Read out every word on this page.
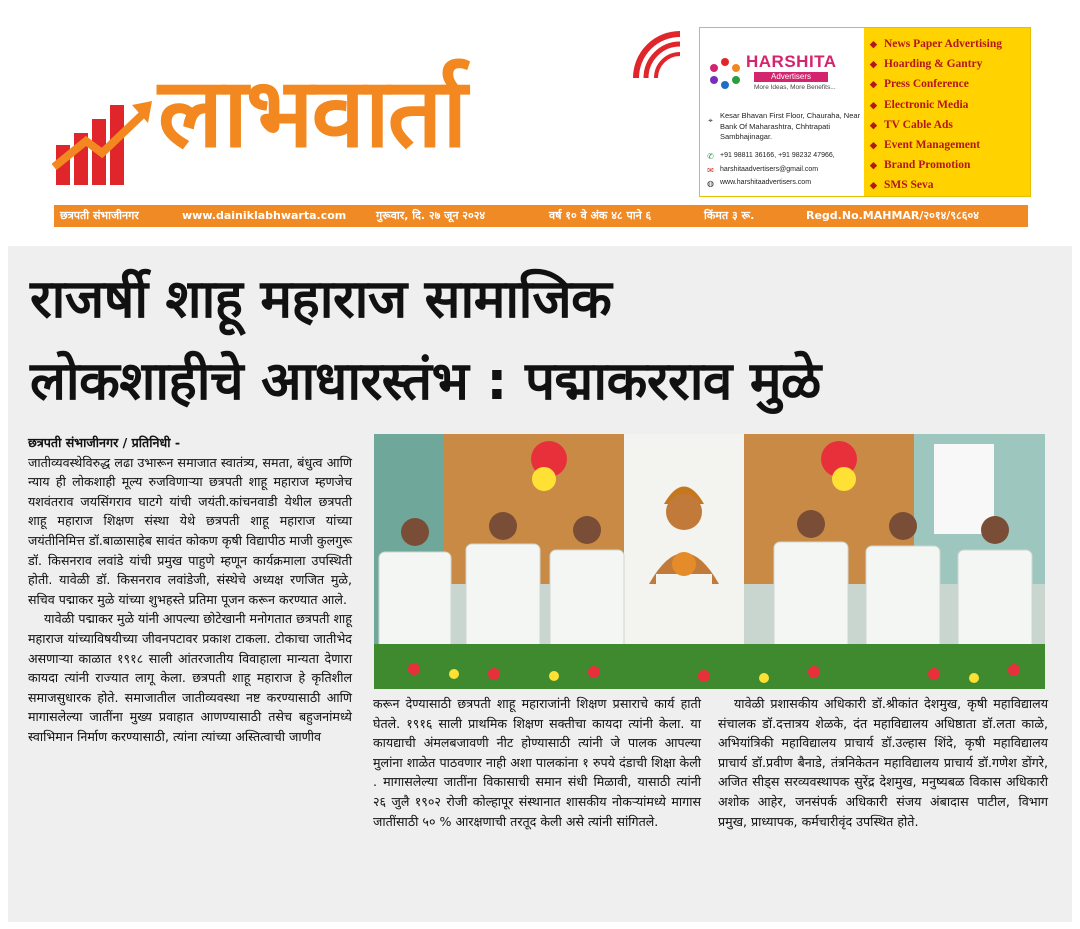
लाभवार्ता	HARSHITA
Advertisers
More Ideas, More Benefits...
⌖
Kesar Bhavan First Floor, Chauraha, Near Bank Of Maharashtra, Chhtrapati Sambhajinagar.
✆ +91 98811 36166, +91 98232 47966,
✉ harshitaadvertisers@gmail.com
◍ www.harshitaadvertisers.com
◆ News Paper Advertising
◆ Hoarding & Gantry
◆ Press Conference
◆ Electronic Media
◆ TV Cable Ads
◆ Event Management
◆ Brand Promotion
◆ SMS Seva
छत्रपती संभाजीनगर	www.dainiklabhwarta.com	गुरूवार, दि. २७ जून २०२४	वर्ष १० वे अंक ४८ पाने ६	किंमत ३ रू.	Regd.No.MAHMAR/२०१४/९८६०४
राजर्षी शाहू महाराज सामाजिक
लोकशाहीचे आधारस्तंभ : पद्माकरराव मुळे

छत्रपती संभाजीनगर / प्रतिनिधी -
जातीव्यवस्थेविरुद्ध लढा उभारून समाजात स्वातंत्र्य, समता, बंधुत्व आणि न्याय ही लोकशाही मूल्य रुजविणाऱ्या छत्रपती शाहू महाराज म्हणजेच यशवंतराव जयसिंगराव घाटगे यांची जयंती.कांचनवाडी येथील छत्रपती शाहू महाराज शिक्षण संस्था येथे छत्रपती शाहू महाराज यांच्या जयंतीनिमित्त डॉ.बाळासाहेब सावंत कोकण कृषी विद्यापीठ माजी कुलगुरू डॉ. किसनराव लवांडे यांची प्रमुख पाहुणे म्हणून कार्यक्रमाला उपस्थिती होती. यावेळी डॉ. किसनराव लवांडेजी, संस्थेचे अध्यक्ष रणजित मुळे, सचिव पद्माकर मुळे यांच्या शुभहस्ते प्रतिमा पूजन करून करण्यात आले.

यावेळी पद्माकर मुळे यांनी आपल्या छोटेखानी मनोगतात छत्रपती शाहू महाराज यांच्याविषयीच्या जीवनपटावर प्रकाश टाकला. टोकाचा जातीभेद असणाऱ्या काळात १९१८ साली आंतरजातीय विवाहाला मान्यता देणारा कायदा त्यांनी राज्यात लागू केला. छत्रपती शाहू महाराज हे कृतिशील समाजसुधारक होते. समाजातील जातीव्यवस्था नष्ट करण्यासाठी आणि मागासलेल्या जातींना मुख्य प्रवाहात आणण्यासाठी तसेच बहुजनांमध्ये स्वाभिमान निर्माण करण्यासाठी, त्यांना त्यांच्या अस्तित्वाची जाणीव

करून देण्यासाठी छत्रपती शाहू महाराजांनी शिक्षण प्रसाराचे कार्य हाती घेतले. १९१६ साली प्राथमिक शिक्षण सक्तीचा कायदा त्यांनी केला. या कायद्याची अंमलबजावणी नीट होण्यासाठी त्यांनी जे पालक आपल्या मुलांना शाळेत पाठवणार नाही अशा पालकांना १ रुपये दंडाची शिक्षा केली . मागासलेल्या जातींना विकासाची समान संधी मिळावी, यासाठी त्यांनी २६ जुलै १९०२ रोजी कोल्हापूर संस्थानात शासकीय नोकऱ्यांमध्ये मागास जातींसाठी ५० % आरक्षणाची तरतूद केली असे त्यांनी सांगितले.

यावेळी प्रशासकीय अधिकारी डॉ.श्रीकांत देशमुख, कृषी महाविद्यालय संचालक डॉ.दत्तात्रय शेळके, दंत महाविद्यालय अधिष्ठाता डॉ.लता काळे, अभियांत्रिकी महाविद्यालय प्राचार्य डॉ.उल्हास शिंदे, कृषी महाविद्यालय प्राचार्य डॉ.प्रवीण बैनाडे, तंत्रनिकेतन महाविद्यालय प्राचार्य डॉ.गणेश डोंगरे, अजित सीड्स सरव्यवस्थापक सुरेंद्र देशमुख, मनुष्यबळ विकास अधिकारी अशोक आहेर, जनसंपर्क अधिकारी संजय अंबादास पाटील, विभाग प्रमुख, प्राध्यापक, कर्मचारीवृंद उपस्थित होते.
